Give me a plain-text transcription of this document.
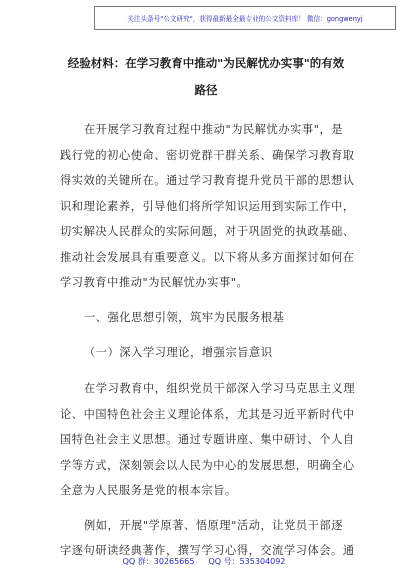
关注头条号"公文研究"，获得最新最全最专业的公文资料库！ 微信：gongwenyj
经验材料：在学习教育中推动"为民解忧办实事"的有效
路径
在开展学习教育过程中推动"为民解忧办实事"，是
践行党的初心使命、密切党群干群关系、确保学习教育取
得实效的关键所在。通过学习教育提升党员干部的思想认
识和理论素养，引导他们将所学知识运用到实际工作中，
切实解决人民群众的实际问题，对于巩固党的执政基础、
推动社会发展具有重要意义。以下将从多方面探讨如何在
学习教育中推动"为民解忧办实事"。
一、强化思想引领，筑牢为民服务根基
（一）深入学习理论，增强宗旨意识
在学习教育中，组织党员干部深入学习马克思主义理
论、中国特色社会主义理论体系，尤其是习近平新时代中
国特色社会主义思想。通过专题讲座、集中研讨、个人自
学等方式，深刻领会以人民为中心的发展思想，明确全心
全意为人民服务是党的根本宗旨。
例如，开展"学原著、悟原理"活动，让党员干部逐
字逐句研读经典著作，撰写学习心得，交流学习体会。通
QQ 群：30265665 QQ 号：535304092
